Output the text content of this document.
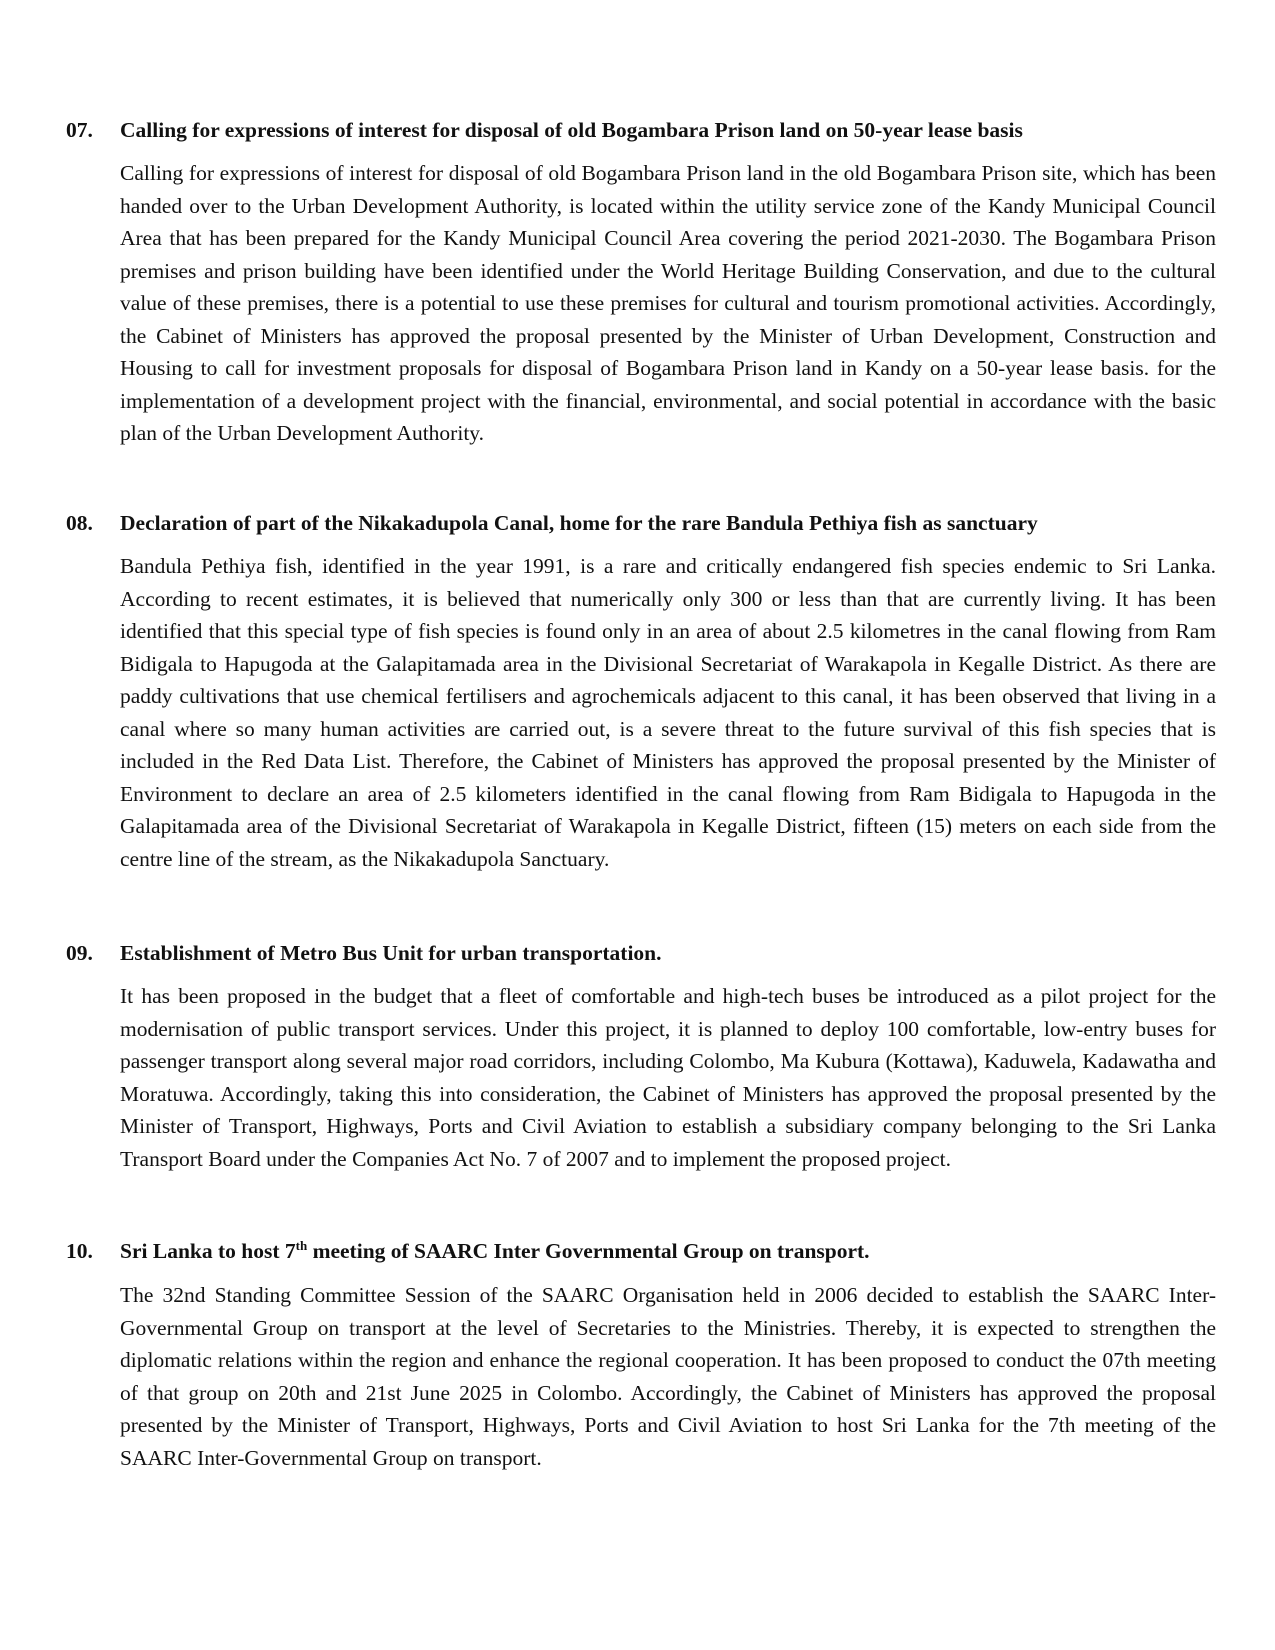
07. Calling for expressions of interest for disposal of old Bogambara Prison land on 50-year lease basis

Calling for expressions of interest for disposal of old Bogambara Prison land in the old Bogambara Prison site, which has been handed over to the Urban Development Authority, is located within the utility service zone of the Kandy Municipal Council Area that has been prepared for the Kandy Municipal Council Area covering the period 2021-2030. The Bogambara Prison premises and prison building have been identified under the World Heritage Building Conservation, and due to the cultural value of these premises, there is a potential to use these premises for cultural and tourism promotional activities. Accordingly, the Cabinet of Ministers has approved the proposal presented by the Minister of Urban Development, Construction and Housing to call for investment proposals for disposal of Bogambara Prison land in Kandy on a 50-year lease basis. for the implementation of a development project with the financial, environmental, and social potential in accordance with the basic plan of the Urban Development Authority.

08. Declaration of part of the Nikakadupola Canal, home for the rare Bandula Pethiya fish as sanctuary

Bandula Pethiya fish, identified in the year 1991, is a rare and critically endangered fish species endemic to Sri Lanka. According to recent estimates, it is believed that numerically only 300 or less than that are currently living. It has been identified that this special type of fish species is found only in an area of about 2.5 kilometres in the canal flowing from Ram Bidigala to Hapugoda at the Galapitamada area in the Divisional Secretariat of Warakapola in Kegalle District. As there are paddy cultivations that use chemical fertilisers and agrochemicals adjacent to this canal, it has been observed that living in a canal where so many human activities are carried out, is a severe threat to the future survival of this fish species that is included in the Red Data List. Therefore, the Cabinet of Ministers has approved the proposal presented by the Minister of Environment to declare an area of 2.5 kilometers identified in the canal flowing from Ram Bidigala to Hapugoda in the Galapitamada area of the Divisional Secretariat of Warakapola in Kegalle District, fifteen (15) meters on each side from the centre line of the stream, as the Nikakadupola Sanctuary.

09. Establishment of Metro Bus Unit for urban transportation.

It has been proposed in the budget that a fleet of comfortable and high-tech buses be introduced as a pilot project for the modernisation of public transport services. Under this project, it is planned to deploy 100 comfortable, low-entry buses for passenger transport along several major road corridors, including Colombo, Ma Kubura (Kottawa), Kaduwela, Kadawatha and Moratuwa. Accordingly, taking this into consideration, the Cabinet of Ministers has approved the proposal presented by the Minister of Transport, Highways, Ports and Civil Aviation to establish a subsidiary company belonging to the Sri Lanka Transport Board under the Companies Act No. 7 of 2007 and to implement the proposed project.

10. Sri Lanka to host 7th meeting of SAARC Inter Governmental Group on transport.

The 32nd Standing Committee Session of the SAARC Organisation held in 2006 decided to establish the SAARC Inter-Governmental Group on transport at the level of Secretaries to the Ministries. Thereby, it is expected to strengthen the diplomatic relations within the region and enhance the regional cooperation. It has been proposed to conduct the 07th meeting of that group on 20th and 21st June 2025 in Colombo. Accordingly, the Cabinet of Ministers has approved the proposal presented by the Minister of Transport, Highways, Ports and Civil Aviation to host Sri Lanka for the 7th meeting of the SAARC Inter-Governmental Group on transport.
